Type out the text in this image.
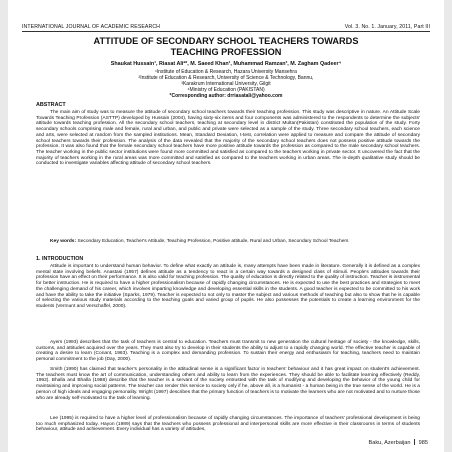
INTERNATIONAL JOURNAL OF ACADEMIC RESEARCH	Vol. 3. No. 1. January, 2011, Part III
ATTITUDE OF SECONDARY SCHOOL TEACHERS TOWARDS
TEACHING PROFESSION
Shaukat Hussain¹, Riasat Ali²*, M. Saeed Khan¹, Muhammad Ramzan³, M. Zagham Qadeer⁴
¹Institute of Education & Research, Hazara University Mansehra
²Institute of Education & Research, University of Science & Technology, Bannu,
³Karakrum International University, Gilgit
⁴Ministry of Education (PAKISTAN)
*Corresponding author: drriasatali@yahoo.com
ABSTRACT

The main aim of study was to measure the attitude of secondary school teachers towards their teaching profession. This study was descriptive in nature. An Attitude Scale Towards Teaching Profession (ASTTP) developed by Hussain (2004), having sixty-six items and four components was administered to the respondents to determine the subjects' attitude towards teaching profession. All the secondary school teachers, teaching at secondary level in district Multan(Pakistan) constituted the population of the study. Forty secondary schools comprising male and female, rural and urban, and public and private were selected as a sample of the study. Three secondary school teachers, each science and arts, were selected at random from the sampled institutions. Mean, Standard Deviation, t-test, correlation were applied to measure and compare the attitude of secondary school teachers towards their profession. The analysis of the data revealed that the majority of the secondary school teachers does not possess positive attitude towards the profession. It was also found that the female secondary school teachers have more positive attitude towards the profession as compared to the male secondary school teachers. The teacher working in the public sector institutions were found more committed and satisfied as compared to the teachers working in private sector. It uncovered the fact that the majority of teachers working in the rural areas was more committed and satisfied as compared to the teachers working in urban areas. The in-depth qualitative study should be conducted to investigate variables affecting attitude of secondary school teachers.

Key words: Secondary Education, Teacher's Attitude, Teaching Profession, Positive attitude, Rural and Urban, Secondary School Teachers
1. INTRODUCTION

Attitude is important to understand human behavior. To define what exactly an attitude is, many attempts have been made in literature. Generally it is defined as a complex mental state involving beliefs. Anastasi (1957) defines attitude as a tendency to react in a certain way towards a designed class of stimuli. People's attitudes towards their profession have an effect on their performance. It is also valid for teaching profession. The quality of education is directly related to the quality of instruction. Teacher is instrumental for better instruction. He is required to have a higher professionalism because of rapidly changing circumstances. He is expected to use the best practices and strategies to meet the challenging demand of his career, which involves imparting knowledge and developing essential skills in the students. A good teacher is expected to be committed to his work and have the ability to take the initiative (Sparks, 1979). Teacher is expected to not only to master the subject and various methods of teaching but also to show that he is capable of selecting the various study materials according to the teaching goals and varied group of pupils. He also possesses the potentials to create a learning environment for the students (Vermunt and Verschaffel, 2000).

Ayers (1993) describes that the task of teachers is central to education. Teachers must transmit to new generation the cultural heritage of society - the knowledge, skills, customs, and attitudes acquired over the years. They must also try to develop in their students the ability to adjust to a rapidly changing world. The effective teacher is capable of creating a desire to learn (Conant, 1963). Teaching is a complex and demanding profession. To sustain their energy and enthusiasm for teaching, teachers need to maintain personal commitment to the job (Day, 2000).

Smith (1990) has claimed that teacher's personality in the attitudinal sense is a significant factor in teachers' behaviour and it has great impact on student's achievement. The teachers must know the art of communication, understanding others and ability to learn from the experiences. They should be able to facilitate learning effectively (Reddy, 1992). Bhalla and Bhalla (1988) describe that the teacher is a servant of the society entrusted with the task of modifying and developing the behavior of the young child for maintaining and improving social patterns. The teacher can render this service to society only if he, above all, is a humanist - a human being in the true sense of the world. He is a person of high ideals and engaging personality. Wright (1997) describes that the primary function of teachers is to motivate the learners who are not motivated and to nurture those who are already self-motivated to the task of learning.

Lee (1995) is required to have a higher level of professionalism because of rapidly changing circumstances. The importance of teachers' professional development is being too much emphasized today. Hayon (1989) says that the teachers who possess professional and interpersonal skills are more effective in their classrooms in terms of students behaviour, attitude and achievement. Every individual has a variety of attitudes,

Baku, Azerbaijan 985
